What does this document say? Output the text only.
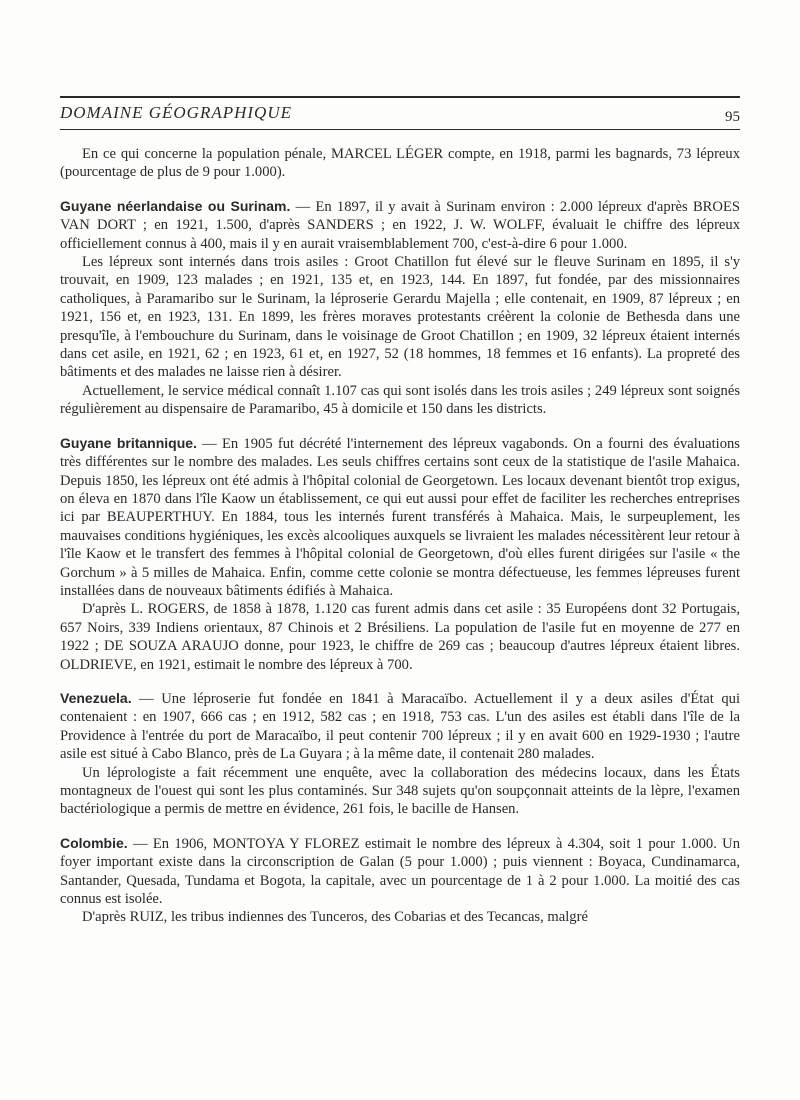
DOMAINE GÉOGRAPHIQUE	95

En ce qui concerne la population pénale, MARCEL LÉGER compte, en 1918, parmi les bagnards, 73 lépreux (pourcentage de plus de 9 pour 1.000).

Guyane néerlandaise ou Surinam. — En 1897, il y avait à Surinam environ : 2.000 lépreux d'après BROES VAN DORT ; en 1921, 1.500, d'après SANDERS ; en 1922, J. W. WOLFF, évaluait le chiffre des lépreux officiellement connus à 400, mais il y en aurait vraisemblablement 700, c'est-à-dire 6 pour 1.000.

Les lépreux sont internés dans trois asiles : Groot Chatillon fut élevé sur le fleuve Surinam en 1895, il s'y trouvait, en 1909, 123 malades ; en 1921, 135 et, en 1923, 144. En 1897, fut fondée, par des missionnaires catholiques, à Paramaribo sur le Surinam, la léproserie Gerardu Majella ; elle contenait, en 1909, 87 lépreux ; en 1921, 156 et, en 1923, 131. En 1899, les frères moraves protestants créèrent la colonie de Bethesda dans une presqu'île, à l'embouchure du Surinam, dans le voisinage de Groot Chatillon ; en 1909, 32 lépreux étaient internés dans cet asile, en 1921, 62 ; en 1923, 61 et, en 1927, 52 (18 hommes, 18 femmes et 16 enfants). La propreté des bâtiments et des malades ne laisse rien à désirer.

Actuellement, le service médical connaît 1.107 cas qui sont isolés dans les trois asiles ; 249 lépreux sont soignés régulièrement au dispensaire de Paramaribo, 45 à domicile et 150 dans les districts.

Guyane britannique. — En 1905 fut décrété l'internement des lépreux vagabonds. On a fourni des évaluations très différentes sur le nombre des malades. Les seuls chiffres certains sont ceux de la statistique de l'asile Mahaica. Depuis 1850, les lépreux ont été admis à l'hôpital colonial de Georgetown. Les locaux devenant bientôt trop exigus, on éleva en 1870 dans l'île Kaow un établissement, ce qui eut aussi pour effet de faciliter les recherches entreprises ici par BEAUPERTHUY. En 1884, tous les internés furent transférés à Mahaica. Mais, le surpeuplement, les mauvaises conditions hygiéniques, les excès alcooliques auxquels se livraient les malades nécessitèrent leur retour à l'île Kaow et le transfert des femmes à l'hôpital colonial de Georgetown, d'où elles furent dirigées sur l'asile « the Gorchum » à 5 milles de Mahaica. Enfin, comme cette colonie se montra défectueuse, les femmes lépreuses furent installées dans de nouveaux bâtiments édifiés à Mahaica.

D'après L. ROGERS, de 1858 à 1878, 1.120 cas furent admis dans cet asile : 35 Européens dont 32 Portugais, 657 Noirs, 339 Indiens orientaux, 87 Chinois et 2 Brésiliens. La population de l'asile fut en moyenne de 277 en 1922 ; DE SOUZA ARAUJO donne, pour 1923, le chiffre de 269 cas ; beaucoup d'autres lépreux étaient libres. OLDRIEVE, en 1921, estimait le nombre des lépreux à 700.

Venezuela. — Une léproserie fut fondée en 1841 à Maracaïbo. Actuellement il y a deux asiles d'État qui contenaient : en 1907, 666 cas ; en 1912, 582 cas ; en 1918, 753 cas. L'un des asiles est établi dans l'île de la Providence à l'entrée du port de Maracaïbo, il peut contenir 700 lépreux ; il y en avait 600 en 1929-1930 ; l'autre asile est situé à Cabo Blanco, près de La Guyara ; à la même date, il contenait 280 malades.

Un léprologiste a fait récemment une enquête, avec la collaboration des médecins locaux, dans les États montagneux de l'ouest qui sont les plus contaminés. Sur 348 sujets qu'on soupçonnait atteints de la lèpre, l'examen bactériologique a permis de mettre en évidence, 261 fois, le bacille de Hansen.

Colombie. — En 1906, MONTOYA Y FLOREZ estimait le nombre des lépreux à 4.304, soit 1 pour 1.000. Un foyer important existe dans la circonscription de Galan (5 pour 1.000) ; puis viennent : Boyaca, Cundinamarca, Santander, Quesada, Tundama et Bogota, la capitale, avec un pourcentage de 1 à 2 pour 1.000. La moitié des cas connus est isolée.

D'après RUIZ, les tribus indiennes des Tunceros, des Cobarias et des Tecancas, malgré
